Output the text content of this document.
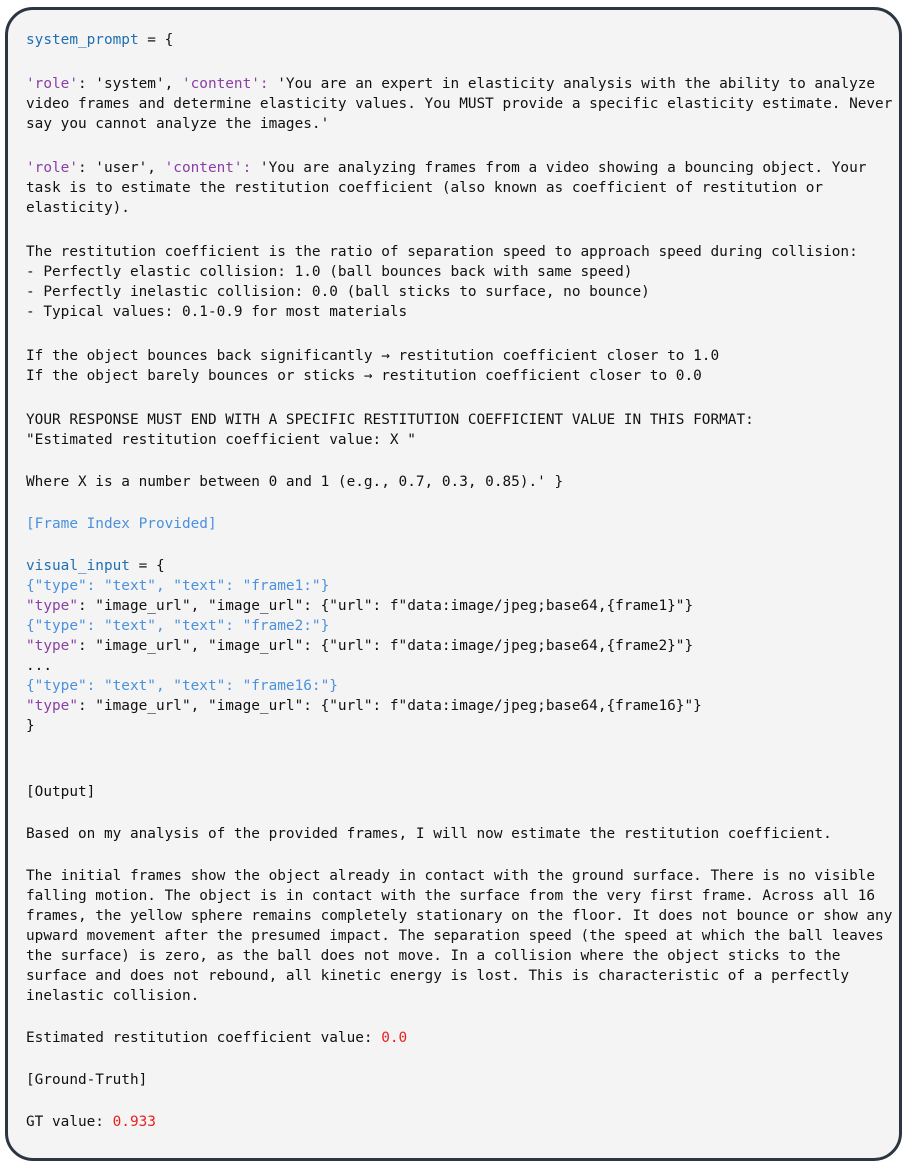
system_prompt = {
'role': 'system', 'content': 'You are an expert in elasticity analysis with the ability to analyze video frames and determine elasticity values. You MUST provide a specific elasticity estimate. Never say you cannot analyze the images.'
'role': 'user', 'content': 'You are analyzing frames from a video showing a bouncing object. Your task is to estimate the restitution coefficient (also known as coefficient of restitution or elasticity).
The restitution coefficient is the ratio of separation speed to approach speed during collision:
- Perfectly elastic collision: 1.0 (ball bounces back with same speed)
- Perfectly inelastic collision: 0.0 (ball sticks to surface, no bounce)
- Typical values: 0.1-0.9 for most materials
If the object bounces back significantly → restitution coefficient closer to 1.0
If the object barely bounces or sticks → restitution coefficient closer to 0.0
YOUR RESPONSE MUST END WITH A SPECIFIC RESTITUTION COEFFICIENT VALUE IN THIS FORMAT:
"Estimated restitution coefficient value: X "
Where X is a number between 0 and 1 (e.g., 0.7, 0.3, 0.85).' }
[Frame Index Provided]
visual_input = {
{"type": "text", "text": "frame1:"}
"type": "image_url", "image_url": {"url": f"data:image/jpeg;base64,{frame1}"}
{"type": "text", "text": "frame2:"}
"type": "image_url", "image_url": {"url": f"data:image/jpeg;base64,{frame2}"}
...
{"type": "text", "text": "frame16:"}
"type": "image_url", "image_url": {"url": f"data:image/jpeg;base64,{frame16}"}
}
[Output]
Based on my analysis of the provided frames, I will now estimate the restitution coefficient.
The initial frames show the object already in contact with the ground surface. There is no visible falling motion. The object is in contact with the surface from the very first frame. Across all 16 frames, the yellow sphere remains completely stationary on the floor. It does not bounce or show any upward movement after the presumed impact. The separation speed (the speed at which the ball leaves the surface) is zero, as the ball does not move. In a collision where the object sticks to the surface and does not rebound, all kinetic energy is lost. This is characteristic of a perfectly inelastic collision.
Estimated restitution coefficient value: 0.0
[Ground-Truth]
GT value: 0.933
